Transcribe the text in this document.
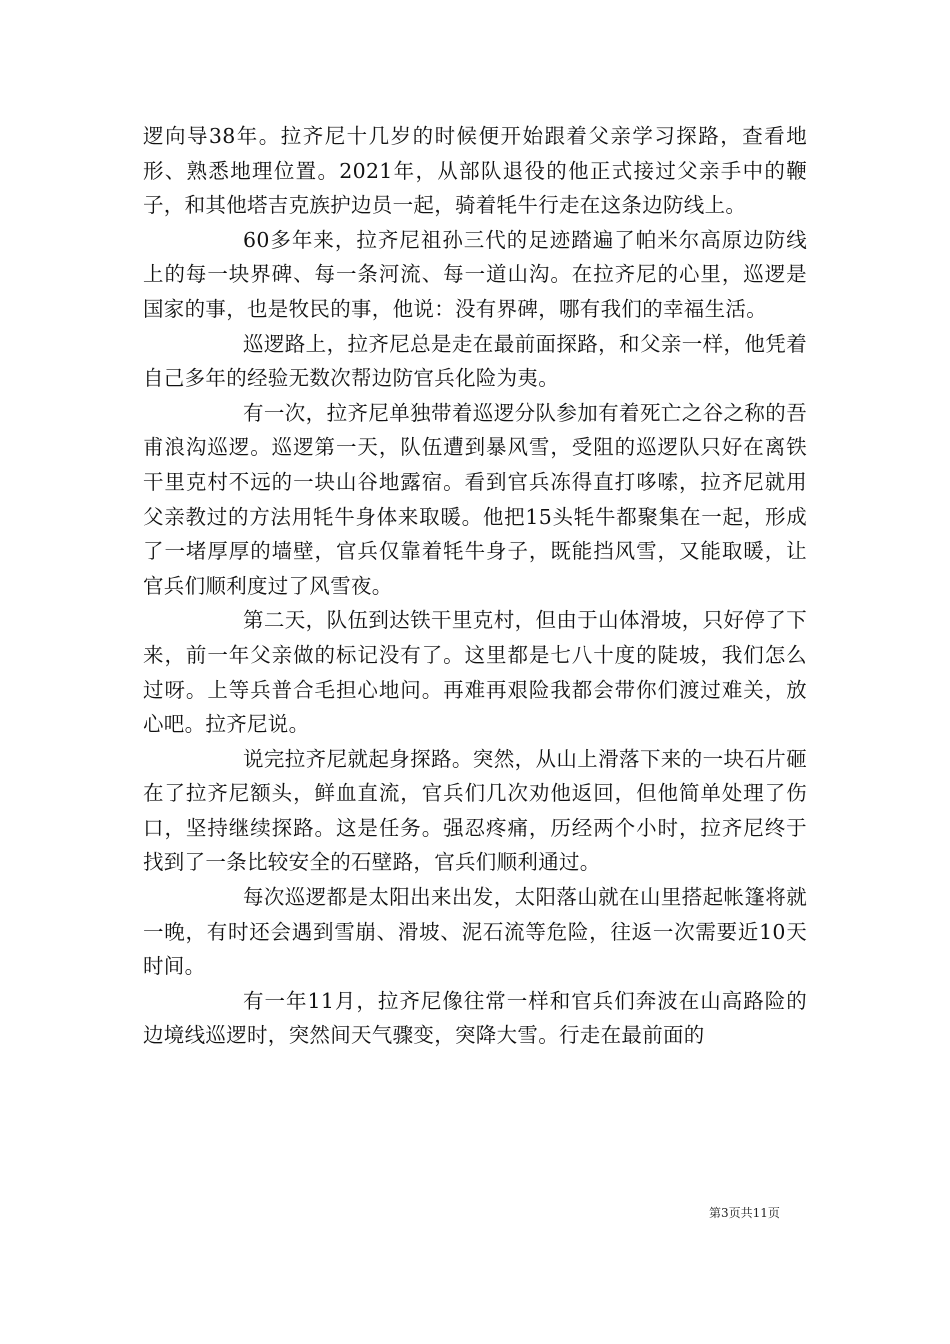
逻向导38年。拉齐尼十几岁的时候便开始跟着父亲学习探路，查看地形、熟悉地理位置。2021年，从部队退役的他正式接过父亲手中的鞭子，和其他塔吉克族护边员一起，骑着牦牛行走在这条边防线上。

60多年来，拉齐尼祖孙三代的足迹踏遍了帕米尔高原边防线上的每一块界碑、每一条河流、每一道山沟。在拉齐尼的心里，巡逻是国家的事，也是牧民的事，他说：没有界碑，哪有我们的幸福生活。

巡逻路上，拉齐尼总是走在最前面探路，和父亲一样，他凭着自己多年的经验无数次帮边防官兵化险为夷。

有一次，拉齐尼单独带着巡逻分队参加有着死亡之谷之称的吾甫浪沟巡逻。巡逻第一天，队伍遭到暴风雪，受阻的巡逻队只好在离铁干里克村不远的一块山谷地露宿。看到官兵冻得直打哆嗦，拉齐尼就用父亲教过的方法用牦牛身体来取暖。他把15头牦牛都聚集在一起，形成了一堵厚厚的墙壁，官兵仅靠着牦牛身子，既能挡风雪，又能取暖，让官兵们顺利度过了风雪夜。

第二天，队伍到达铁干里克村，但由于山体滑坡，只好停了下来，前一年父亲做的标记没有了。这里都是七八十度的陡坡，我们怎么过呀。上等兵普合毛担心地问。再难再艰险我都会带你们渡过难关，放心吧。拉齐尼说。

说完拉齐尼就起身探路。突然，从山上滑落下来的一块石片砸在了拉齐尼额头，鲜血直流，官兵们几次劝他返回，但他简单处理了伤口，坚持继续探路。这是任务。强忍疼痛，历经两个小时，拉齐尼终于找到了一条比较安全的石壁路，官兵们顺利通过。

每次巡逻都是太阳出来出发，太阳落山就在山里搭起帐篷将就一晚，有时还会遇到雪崩、滑坡、泥石流等危险，往返一次需要近10天时间。

有一年11月，拉齐尼像往常一样和官兵们奔波在山高路险的边境线巡逻时，突然间天气骤变，突降大雪。行走在最前面的

第3页共11页
